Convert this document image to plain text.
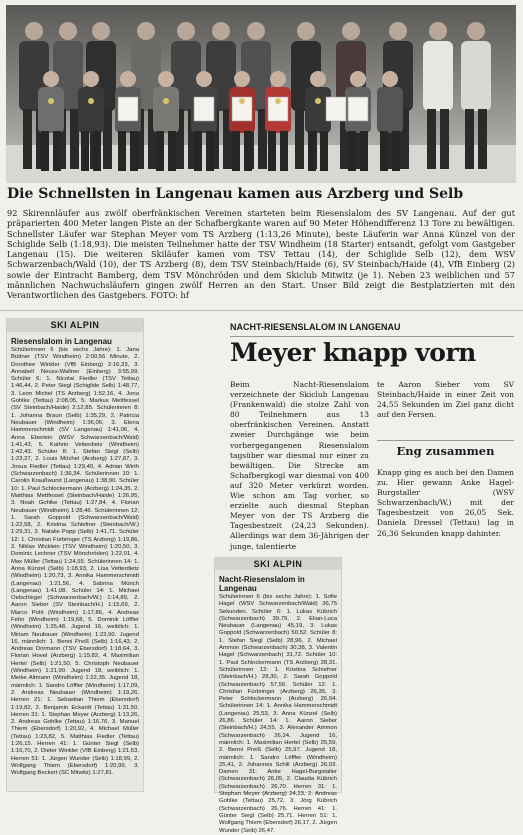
Die Schnellsten in Langenau kamen aus Arzberg und Selb
92 Skirennläufer aus zwölf oberfränkischen Vereinen starteten beim Riesenslalom des SV Langenau. Auf der gut präparierten 400 Meter langen Piste an der Schafbergkante waren auf 90 Meter Höhendifferenz 13 Tore zu bewältigen. Schnellster Läufer war Stephan Meyer vom TS Arzberg (1:13,26 Minute), beste Läuferin war Anna Künzel von der Schiglide Selb (1:18,93). Die meisten Teilnehmer hatte der TSV Windheim (18 Starter) entsandt, gefolgt vom Gastgeber Langenau (15). Die weiteren Skiläufer kamen vom TSV Tettau (14), der Schiglide Selb (12), dem WSV Schwarzenbach/Wald (10), der TS Arzberg (8), dem TSV Steinbach/Haide (6), SV Steinbach/Haide (4), VfB Einberg (2) sowie der Eintracht Bamberg, dem TSV Mönchröden und dem Skiclub Mitwitz (je 1). Neben 23 weiblichen und 57 männlichen Nachwuchsläufern gingen zwölf Herren an den Start. Unser Bild zeigt die Bestplatzierten mit den Verantwortlichen des Gastgebers. FOTO: hf
SKI ALPIN
Riesenslalom in Langenau
Schülerinnen 6 (bis sechs Jahre): 1. Jana Büttner (TSV Windheim) 2:00,56 Minute, 2. Dorothee Winkler (VfB Einberg) 2:16,33, 3. Annabell Neuss-Wallner (Einberg) 3:55,99. Schüler 6: 1. Nicolai Fiedler (TSV Tettau) 1:46,44, 2. Peter Siegl (Schiglide Selb) 1:48,77, 3. Leon Michel (TS Arzberg) 1:52,16, 4. Jona Gohlke (Tettau) 2:08,05, 5. Markus Mettfessel (SV Steinbach/Haide) 2:12,85. Schülerinnen 8: 1. Johanna Braun (Selb) 1:35,29, 2. Patricia Neubauer (Windheim) 1:36,06, 3. Elena Hammerschmidt (SV Langenau) 1:41,06, 4. Anna Eberlein (WSV Schwarzenbach/Wald) 1:41,43, 5. Kathrin Vetterdietz (Windheim) 1:42,43. Schüler 8: 1. Stefan Siegl (Selb) 1:23,27, 2. Louis Möchel (Arzberg) 1:27,87, 3. Josua Fiedler (Tettau) 1:29,40, 4. Adrian Wirth (Schwarzenbach) 1:36,34. Schülerinnen 10: 1. Carolin Kraußwurst (Langenau) 1:38,90. Schüler 10: 1. Paul Schlockermann (Arzberg) 1:24,35, 2. Matthias Mettfessel (Steinbach/Haide) 1:26,95, 3. Noah Gohlke (Tettau) 1:27,84, 4. Florian Neubauer (Windheim) 1:28,46. Schülerinnen 12: 1. Sarah Goppold (Schwarzenbach/Wald) 1:22,58, 2. Kristina Schiefner (Steinbach/W.) 1:29,31, 3. Natalie Popp (Selb) 1:41,71. Schüler 12: 1. Christian Fürbringer (TS Arzberg) 1:19,86, 2. Niklas Wicklein (TSV Windheim) 1:20,50, 3. Dominic Lechner (TSV Mönchröden) 1:22,01, 4. Max Müller (Tettau) 1:24,55. Schülerinnen 14: 1. Anna Künzel (Selb) 1:18,93, 2. Lisa Vetterdietz (Windheim) 1:20,73, 3. Annika Hammerschmidt (Langenau) 1:21,56, 4. Sabrina Münch (Langenau) 1:41,08. Schüler 14: 1. Michael Oelschlegel (Schwarzenbach/W.) 1:14,89, 2. Aaron Sieber (SV Steinbach/H.) 1:15,69, 2. Marco Pohl (Windheim) 1:17,86, 4. Andreas Fehn (Windheim) 1:19,68, 5. Dominik Löffler (Windheim) 1:25,48. Jugend 16, weiblich: 1. Miriam Neubauer (Windheim) 1:23,90. Jugend 16, männlich: 1. Benni Preiß (Selb) 1:16,43, 2. Andreas Dormann (TSV Ebersdorf) 1:18,64, 3. Florian Hovel (Arzberg) 1:19,82, 4. Maximilian Hertel (Selb) 1:21,50, 5. Christoph Neubauer (Windheim) 1:21,90. Jugend 18, weiblich: 1. Meike Altmann (Windheim) 1:22,35. Jugend 18, männlich: 1. Sandro Löffler (Windheim) 1:17,09, 2. Andreas Neubauer (Windheim) 1:19,26. Herren 21: 1. Sebastian Thiem (Ebersdorf) 1:19,82, 2. Benjamin Eckardt (Tettau) 1:31,50. Herren 31: 1. Stephan Meyer (Arzberg) 1:13,26, 2. Andreas Gohlke (Tettau) 1:16,76, 3. Manuel Thiem (Ebersdorf) 1:20,92, 4. Michael Müller (Tettau) 1:23,82, 5. Matthias Fiedler (Tettau) 1:26,15. Herren 41: 1. Günter Siegl (Selb) 1:16,70, 2. Dieter Winkler (VfB Einberg) 1:21,53. Herren 51: 1. Jürgen Wunder (Selb) 1:18,99, 2. Wolfgang Thiem (Ebersdorf) 1:20,99, 3. Wolfgang Beckert (SC Mitwitz) 1:27,81.
NACHT-RIESENSLALOM IN LANGENAU
Meyer knapp vorn
Beim Nacht-Riesenslalom verzeichnete der Skiclub Langenau (Frankenwald) die stolze Zahl von 80 Teilnehmern aus 13 oberfränkischen Vereinen. Anstatt zweier Durchgänge wie beim vorhergegangenen Riesenslalom tagsüber war diesmal nur einer zu bewältigen. Die Strecke am Schafbergkogl war diesmal von 400 auf 320 Meter verkürzt worden. Wie schon am Tag vorher, so erzielte auch diesmal Stephan Meyer von der TS Arzberg die Tagesbestzeit (24,23 Sekunden). Allerdings war dem 36-Jährigen der junge, talentierte
te Aaron Sieber vom SV Steinbach/Haide in einer Zeit von 24,55 Sekunden im Ziel ganz dicht auf den Fersen.
Eng zusammen
Knapp ging es auch bei den Damen zu. Hier gewann Anke Hagel-Burgstaller (WSV Schwarzenbach/W.) mit der Tagesbestzeit von 26,05 Sek. Daniela Dressel (Tettau) lag in 26,36 Sekunden knapp dahinter.
SKI ALPIN
Nacht-Riesenslalom in Langenau
Schülerinnen 6 (bis sechs Jahre): 1. Sofie Hagel (WSV Schwarzenbach/Wald) 36,75 Sekunden. Schüler 6: 1. Lukas Kübrich (Schwarzenbach) 39,79, 2. Elian-Luca Neubauer (Langenau) 45,19, 3. Lukas Goppold (Schwarzenbach) 50,52. Schüler 8: 1. Stefan Siegl (Selb) 28,96, 2. Michael Ammon (Schwarzenbach) 30,38, 3. Valentin Hagel (Schwarzenbach) 31,72. Schüler 10: 1. Paul Schlockermann (TS Arzberg) 28,31. Schülerinnen 12: 1. Kristina Schiefner (Steinbach/H.) 28,30, 2. Sarah Goppold (Schwarzenbach) 57,56. Schüler 12: 1. Christian Fürbringer (Arzberg) 26,35, 3. Peter Schlockermann (Arzberg) 26,94. Schülerinnen 14: 1. Annika Hammerschmidt (Langenau) 25,53, 3. Anna Künzel (Selb) 26,86. Schüler 14: 1. Aaron Sieber (Steinbach/H.) 24,55, 3. Alexander Ammon (Schwarzenbach) 26,24. Jugend 16, männlich: 1. Maximilian Hertel (Selb) 25,59, 2. Benni Preiß (Selb) 25,97. Jugend 18, männlich: 1. Sandro Löffler (Windheim) 25,41, 2. Johannes Schill (Arzberg) 26,03. Damen 31: Anke Hagel-Burgstaller (Schwarzenbach) 26,05, 2. Claudia Kübrich (Schwarzenbach) 26,70. Herren 31: 1. Stephan Meyer (Arzberg) 24,23, 2. Andreas Gohlke (Tettau) 25,72, 3. Jörg Kübrich (Schwarzenbach) 26,76. Herren 41: 1. Günter Siegl (Selb) 25,71. Herren 51: 1. Wolfgang Thiem (Ebersdorf) 26,17, 2. Jürgen Wunder (Selb) 26,47.
